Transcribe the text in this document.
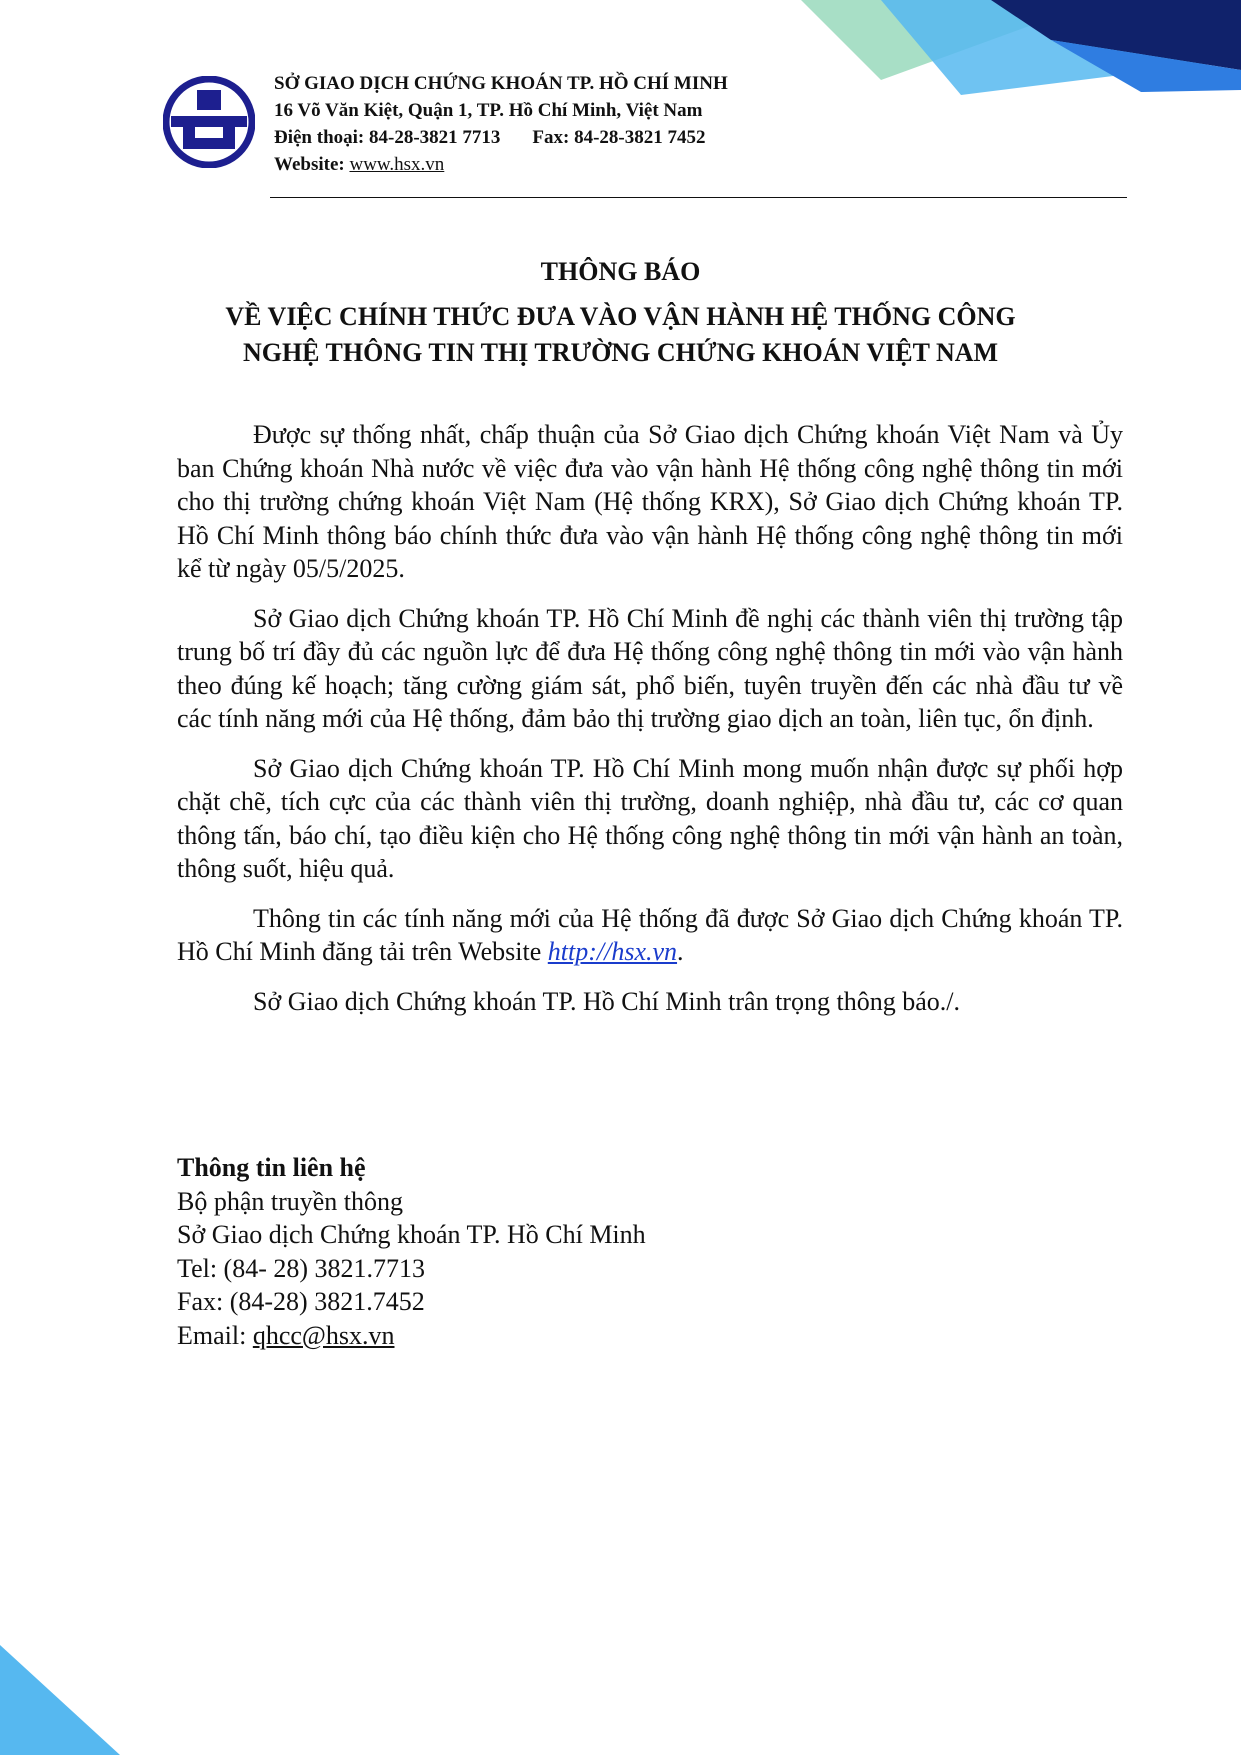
SỞ GIAO DỊCH CHỨNG KHOÁN TP. HỒ CHÍ MINH
16 Võ Văn Kiệt, Quận 1, TP. Hồ Chí Minh, Việt Nam
Điện thoại: 84-28-3821 7713 Fax: 84-28-3821 7452
Website: www.hsx.vn
THÔNG BÁO
VỀ VIỆC CHÍNH THỨC ĐƯA VÀO VẬN HÀNH HỆ THỐNG CÔNG
NGHỆ THÔNG TIN THỊ TRƯỜNG CHỨNG KHOÁN VIỆT NAM

Được sự thống nhất, chấp thuận của Sở Giao dịch Chứng khoán Việt Nam và Ủy ban Chứng khoán Nhà nước về việc đưa vào vận hành Hệ thống công nghệ thông tin mới cho thị trường chứng khoán Việt Nam (Hệ thống KRX), Sở Giao dịch Chứng khoán TP. Hồ Chí Minh thông báo chính thức đưa vào vận hành Hệ thống công nghệ thông tin mới kể từ ngày 05/5/2025.

Sở Giao dịch Chứng khoán TP. Hồ Chí Minh đề nghị các thành viên thị trường tập trung bố trí đầy đủ các nguồn lực để đưa Hệ thống công nghệ thông tin mới vào vận hành theo đúng kế hoạch; tăng cường giám sát, phổ biến, tuyên truyền đến các nhà đầu tư về các tính năng mới của Hệ thống, đảm bảo thị trường giao dịch an toàn, liên tục, ổn định.

Sở Giao dịch Chứng khoán TP. Hồ Chí Minh mong muốn nhận được sự phối hợp chặt chẽ, tích cực của các thành viên thị trường, doanh nghiệp, nhà đầu tư, các cơ quan thông tấn, báo chí, tạo điều kiện cho Hệ thống công nghệ thông tin mới vận hành an toàn, thông suốt, hiệu quả.

Thông tin các tính năng mới của Hệ thống đã được Sở Giao dịch Chứng khoán TP. Hồ Chí Minh đăng tải trên Website http://hsx.vn.

Sở Giao dịch Chứng khoán TP. Hồ Chí Minh trân trọng thông báo./.

Thông tin liên hệ
Bộ phận truyền thông
Sở Giao dịch Chứng khoán TP. Hồ Chí Minh
Tel: (84- 28) 3821.7713
Fax: (84-28) 3821.7452
Email: qhcc@hsx.vn
